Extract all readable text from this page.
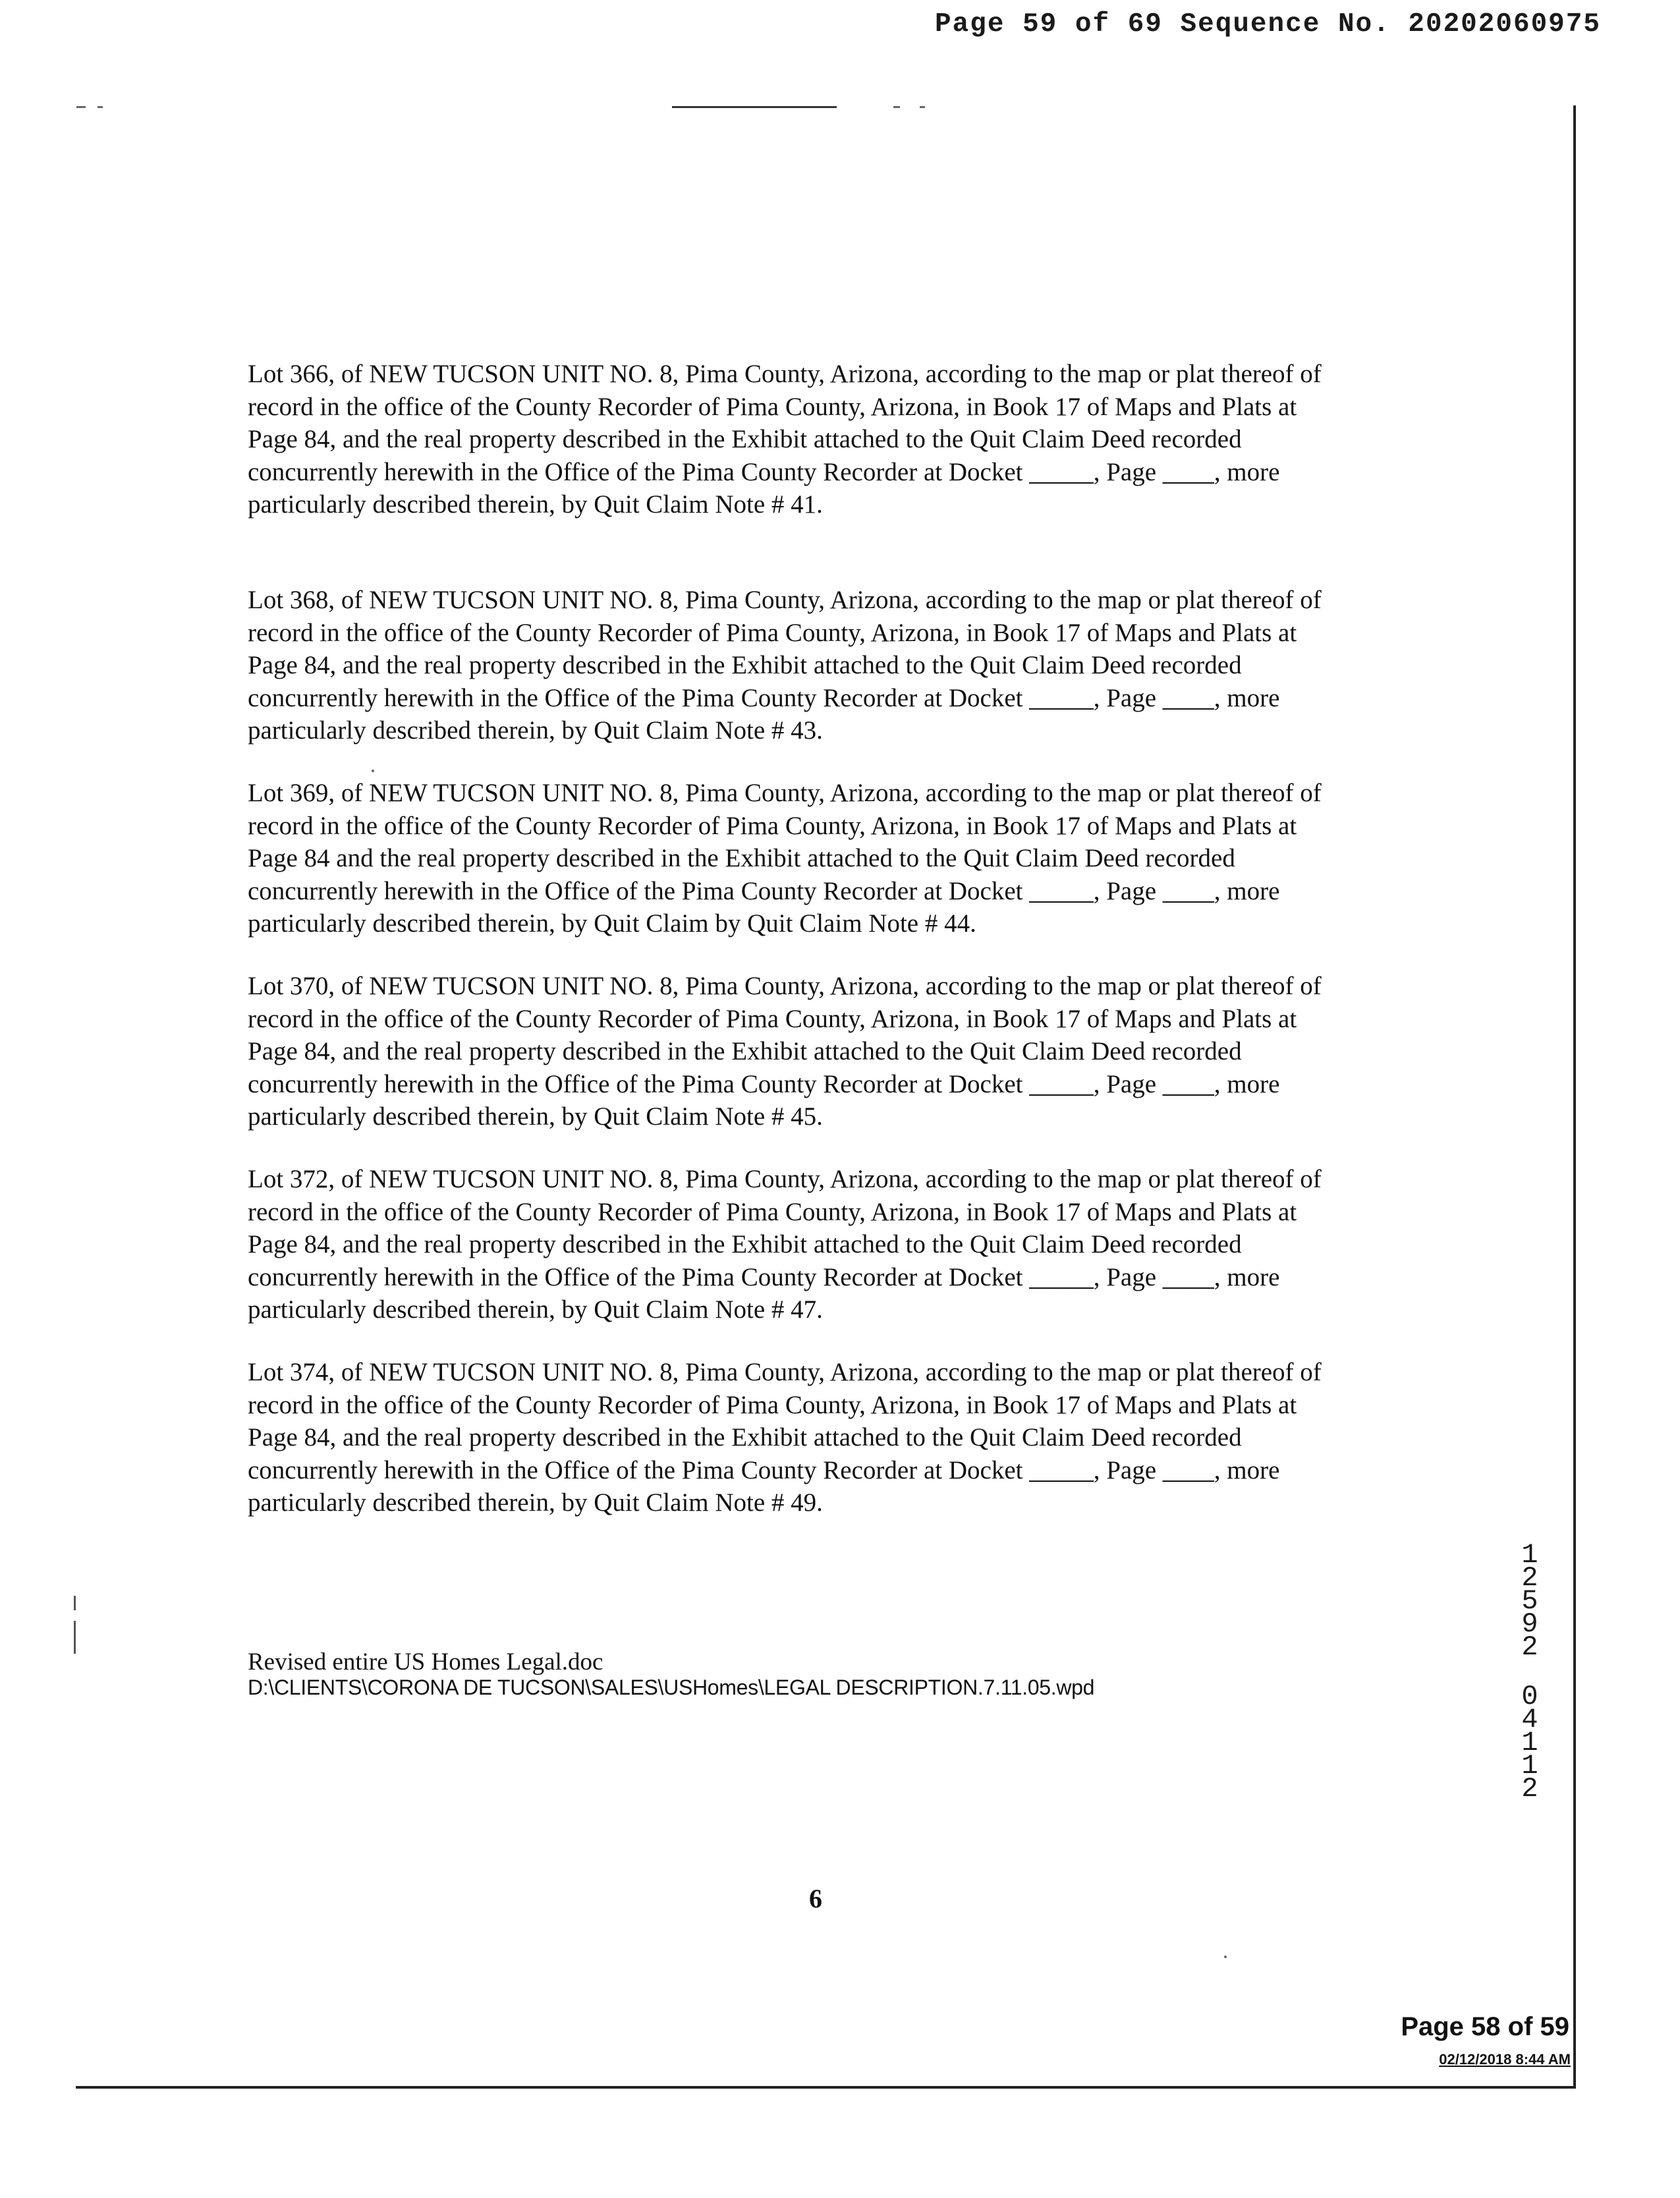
Page 59 of 69 Sequence No. 20202060975
Lot 366, of NEW TUCSON UNIT NO. 8, Pima County, Arizona, according to the map or plat thereof of
record in the office of the County Recorder of Pima County, Arizona, in Book 17 of Maps and Plats at
Page 84, and the real property described in the Exhibit attached to the Quit Claim Deed recorded
concurrently herewith in the Office of the Pima County Recorder at Docket _____, Page ____, more
particularly described therein, by Quit Claim Note # 41.
Lot 368, of NEW TUCSON UNIT NO. 8, Pima County, Arizona, according to the map or plat thereof of
record in the office of the County Recorder of Pima County, Arizona, in Book 17 of Maps and Plats at
Page 84, and the real property described in the Exhibit attached to the Quit Claim Deed recorded
concurrently herewith in the Office of the Pima County Recorder at Docket _____, Page ____, more
particularly described therein, by Quit Claim Note # 43.
Lot 369, of NEW TUCSON UNIT NO. 8, Pima County, Arizona, according to the map or plat thereof of
record in the office of the County Recorder of Pima County, Arizona, in Book 17 of Maps and Plats at
Page 84 and the real property described in the Exhibit attached to the Quit Claim Deed recorded
concurrently herewith in the Office of the Pima County Recorder at Docket _____, Page ____, more
particularly described therein, by Quit Claim by Quit Claim Note # 44.
Lot 370, of NEW TUCSON UNIT NO. 8, Pima County, Arizona, according to the map or plat thereof of
record in the office of the County Recorder of Pima County, Arizona, in Book 17 of Maps and Plats at
Page 84, and the real property described in the Exhibit attached to the Quit Claim Deed recorded
concurrently herewith in the Office of the Pima County Recorder at Docket _____, Page ____, more
particularly described therein, by Quit Claim Note # 45.
Lot 372, of NEW TUCSON UNIT NO. 8, Pima County, Arizona, according to the map or plat thereof of
record in the office of the County Recorder of Pima County, Arizona, in Book 17 of Maps and Plats at
Page 84, and the real property described in the Exhibit attached to the Quit Claim Deed recorded
concurrently herewith in the Office of the Pima County Recorder at Docket _____, Page ____, more
particularly described therein, by Quit Claim Note # 47.
Lot 374, of NEW TUCSON UNIT NO. 8, Pima County, Arizona, according to the map or plat thereof of
record in the office of the County Recorder of Pima County, Arizona, in Book 17 of Maps and Plats at
Page 84, and the real property described in the Exhibit attached to the Quit Claim Deed recorded
concurrently herewith in the Office of the Pima County Recorder at Docket _____, Page ____, more
particularly described therein, by Quit Claim Note # 49.
Revised entire US Homes Legal.doc
D:\CLIENTS\CORONA DE TUCSON\SALES\USHomes\LEGAL DESCRIPTION.7.11.05.wpd
1
2
5
9
2
0
4
1
1
2
6
Page 58 of 59
02/12/2018 8:44 AM
